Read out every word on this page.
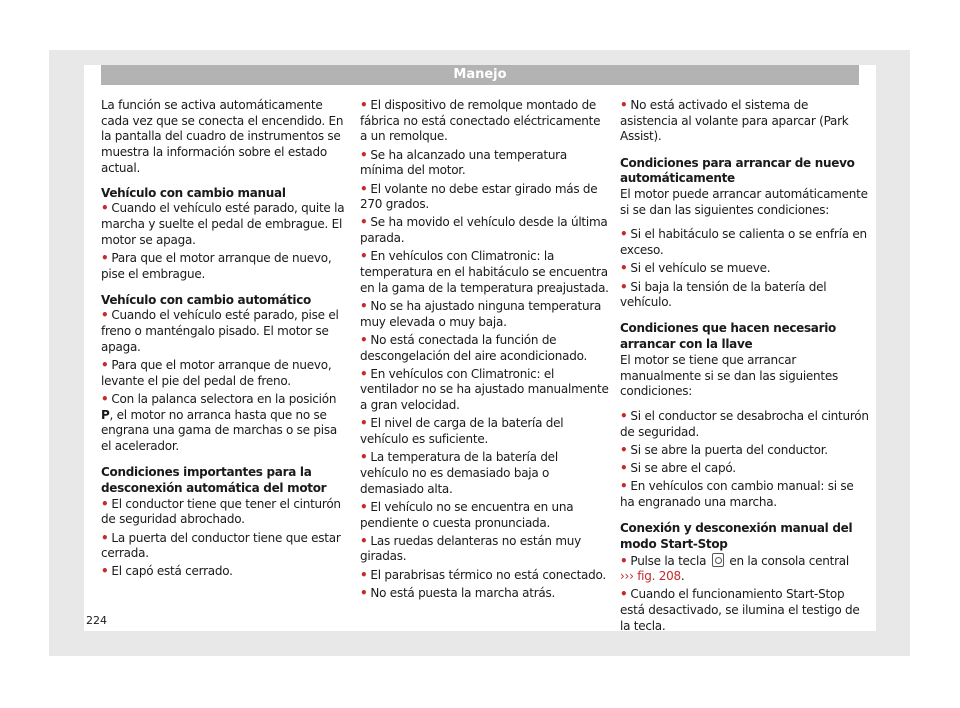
Manejo
224

La función se activa automáticamente cada vez que se conecta el encendido. En la pantalla del cuadro de instrumentos se muestra la información sobre el estado actual.

Vehículo con cambio manual

• Cuando el vehículo esté parado, quite la marcha y suelte el pedal de embrague. El motor se apaga.

• Para que el motor arranque de nuevo, pise el embrague.

Vehículo con cambio automático

• Cuando el vehículo esté parado, pise el freno o manténgalo pisado. El motor se apaga.

• Para que el motor arranque de nuevo, levante el pie del pedal de freno.

• Con la palanca selectora en la posición P, el motor no arranca hasta que no se engrana una gama de marchas o se pisa el acelerador.

Condiciones importantes para la desconexión automática del motor

• El conductor tiene que tener el cinturón de seguridad abrochado.

• La puerta del conductor tiene que estar cerrada.

• El capó está cerrado.

• El dispositivo de remolque montado de fábrica no está conectado eléctricamente a un remolque.

• Se ha alcanzado una temperatura mínima del motor.

• El volante no debe estar girado más de 270 grados.

• Se ha movido el vehículo desde la última parada.

• En vehículos con Climatronic: la temperatura en el habitáculo se encuentra en la gama de la temperatura preajustada.

• No se ha ajustado ninguna temperatura muy elevada o muy baja.

• No está conectada la función de descongelación del aire acondicionado.

• En vehículos con Climatronic: el ventilador no se ha ajustado manualmente a gran velocidad.

• El nivel de carga de la batería del vehículo es suficiente.

• La temperatura de la batería del vehículo no es demasiado baja o demasiado alta.

• El vehículo no se encuentra en una pendiente o cuesta pronunciada.

• Las ruedas delanteras no están muy giradas.

• El parabrisas térmico no está conectado.

• No está puesta la marcha atrás.

• No está activado el sistema de asistencia al volante para aparcar (Park Assist).

Condiciones para arrancar de nuevo automáticamente

El motor puede arrancar automáticamente si se dan las siguientes condiciones:

• Si el habitáculo se calienta o se enfría en exceso.

• Si el vehículo se mueve.

• Si baja la tensión de la batería del vehículo.

Condiciones que hacen necesario arrancar con la llave

El motor se tiene que arrancar manualmente si se dan las siguientes condiciones:

• Si el conductor se desabrocha el cinturón de seguridad.

• Si se abre la puerta del conductor.

• Si se abre el capó.

• En vehículos con cambio manual: si se ha engranado una marcha.

Conexión y desconexión manual del modo Start-Stop

• Pulse la tecla  en la consola central
››› fig. 208.

• Cuando el funcionamiento Start-Stop está desactivado, se ilumina el testigo de la tecla.
